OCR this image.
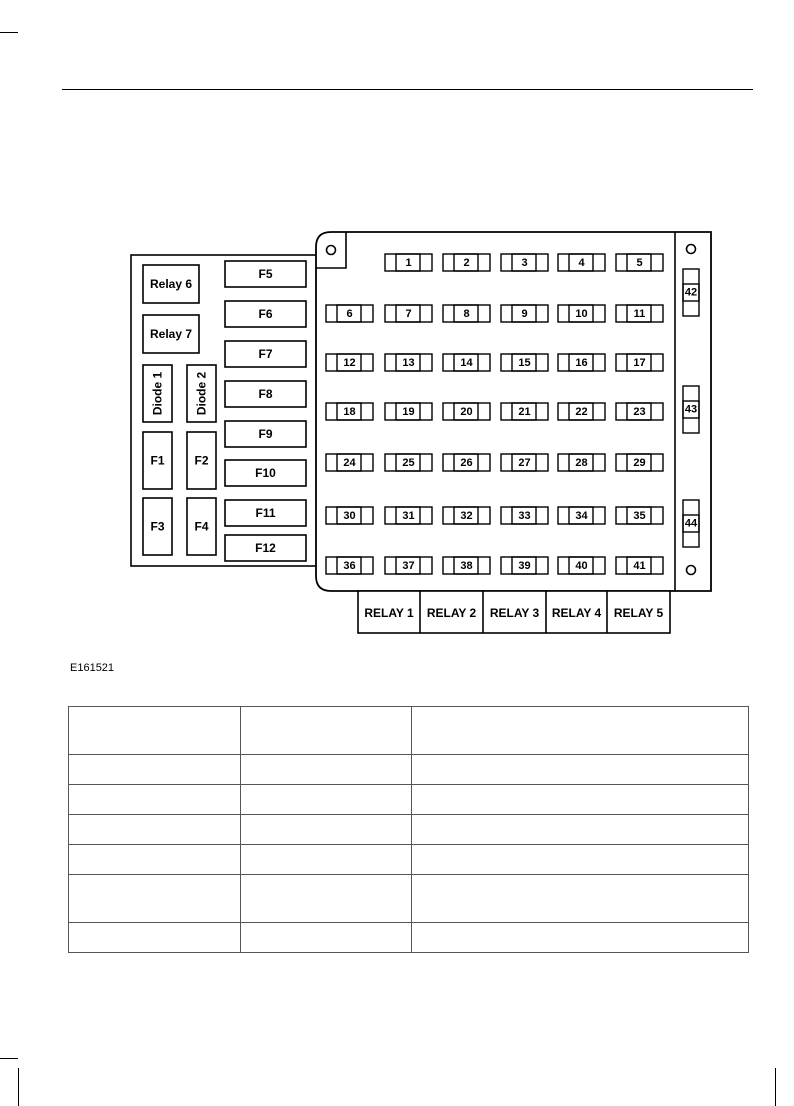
Relay 6
Relay 7
Diode 1	Diode 2
F1 F2
F3 F4
F5
F6
F7
F8
F9
F10
F11
F12
1	2	3	4	5
6	7	8	9	10	11
12	13	14	15	16	17
18	19	20	21	22	23
24	25	26	27	28	29
30	31	32	33	34	35
36	37	38	39	40	41
42
43
44
RELAY 1 RELAY 2 RELAY 3 RELAY 4 RELAY 5
E161521
